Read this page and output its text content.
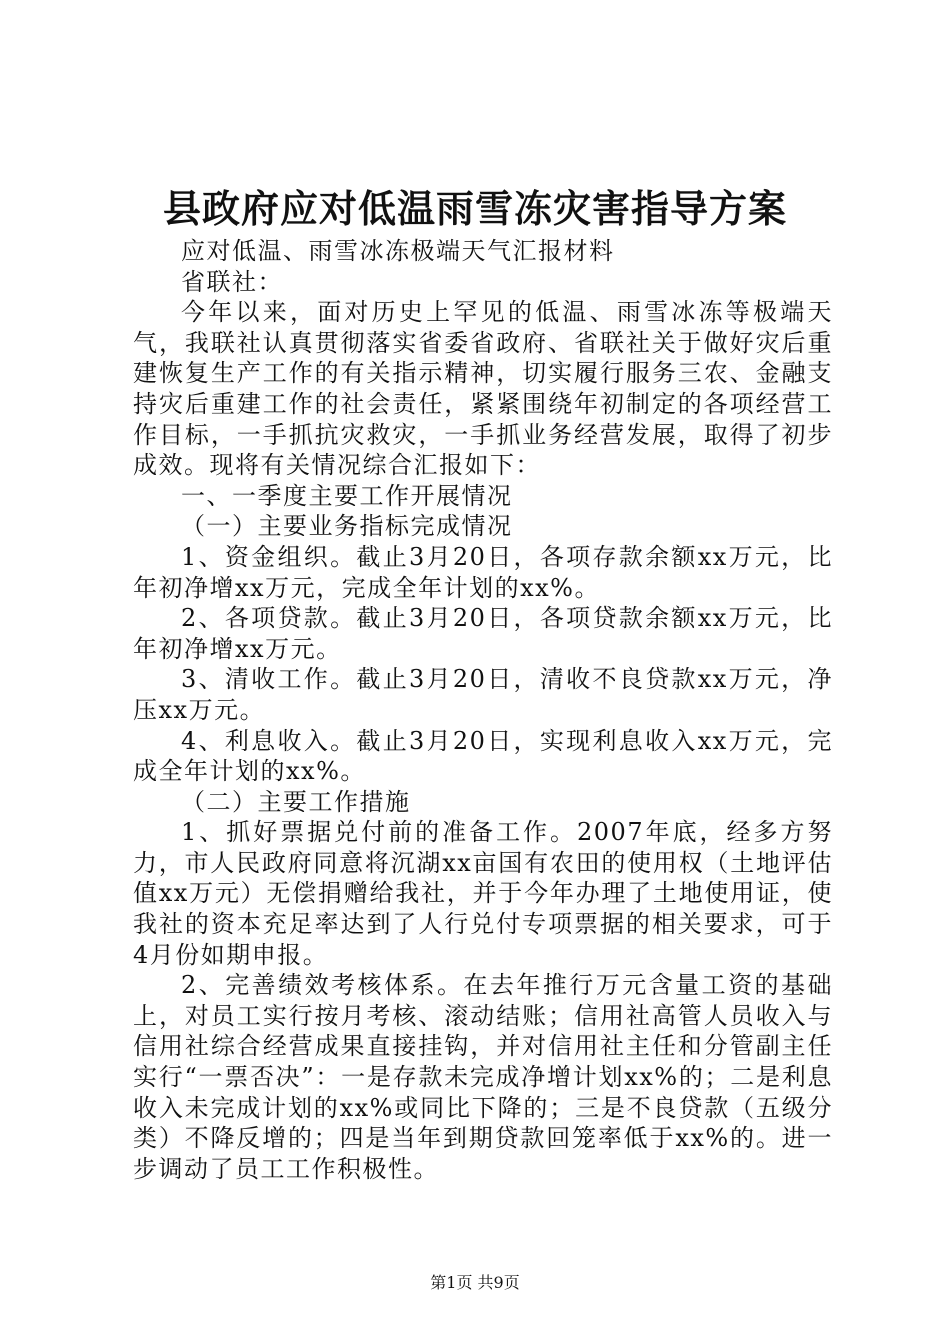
县政府应对低温雨雪冻灾害指导方案

应对低温、雨雪冰冻极端天气汇报材料

省联社：

今年以来，面对历史上罕见的低温、雨雪冰冻等极端天气，我联社认真贯彻落实省委省政府、省联社关于做好灾后重建恢复生产工作的有关指示精神，切实履行服务三农、金融支持灾后重建工作的社会责任，紧紧围绕年初制定的各项经营工作目标，一手抓抗灾救灾，一手抓业务经营发展，取得了初步成效。现将有关情况综合汇报如下：

一、一季度主要工作开展情况

（一）主要业务指标完成情况

1、资金组织。截止3月20日，各项存款余额xx万元，比年初净增xx万元，完成全年计划的xx%。

2、各项贷款。截止3月20日，各项贷款余额xx万元，比年初净增xx万元。

3、清收工作。截止3月20日，清收不良贷款xx万元，净压xx万元。

4、利息收入。截止3月20日，实现利息收入xx万元，完成全年计划的xx%。

（二）主要工作措施

1、抓好票据兑付前的准备工作。2007年底，经多方努力，市人民政府同意将沉湖xx亩国有农田的使用权（土地评估值xx万元）无偿捐赠给我社，并于今年办理了土地使用证，使我社的资本充足率达到了人行兑付专项票据的相关要求，可于4月份如期申报。

2、完善绩效考核体系。在去年推行万元含量工资的基础上，对员工实行按月考核、滚动结账；信用社高管人员收入与信用社综合经营成果直接挂钩，并对信用社主任和分管副主任实行“一票否决”：一是存款未完成净增计划xx%的；二是利息收入未完成计划的xx%或同比下降的；三是不良贷款（五级分类）不降反增的；四是当年到期贷款回笼率低于xx%的。进一步调动了员工工作积极性。

第1页 共9页
